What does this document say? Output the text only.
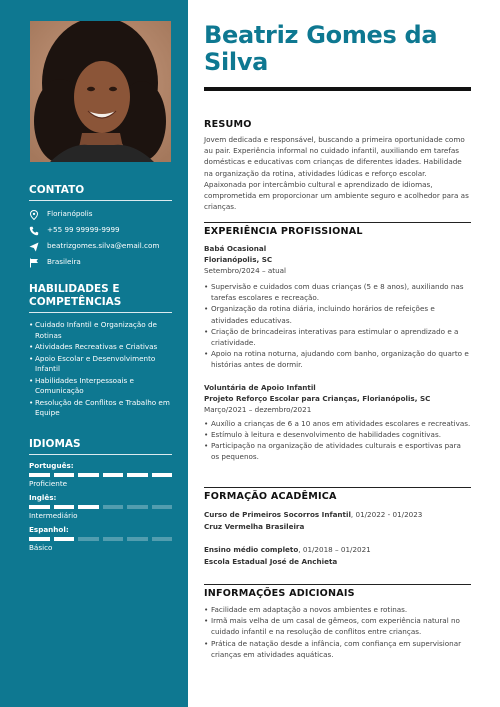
CONTATO
Florianópolis
+55 99 99999-9999
beatrizgomes.silva@email.com
Brasileira
HABILIDADES E COMPETÊNCIAS
• Cuidado Infantil e Organização de Rotinas
• Atividades Recreativas e Criativas
• Apoio Escolar e Desenvolvimento Infantil
• Habilidades Interpessoais e Comunicação
• Resolução de Conflitos e Trabalho em Equipe
IDIOMAS
Português:
Proficiente
Inglês:
Intermediário
Espanhol:
Básico
Beatriz Gomes da Silva
RESUMO
Jovem dedicada e responsável, buscando a primeira oportunidade como au pair. Experiência informal no cuidado infantil, auxiliando em tarefas domésticas e educativas com crianças de diferentes idades. Habilidade na organização da rotina, atividades lúdicas e reforço escolar. Apaixonada por intercâmbio cultural e aprendizado de idiomas, comprometida em proporcionar um ambiente seguro e acolhedor para as crianças.
EXPERIÊNCIA PROFISSIONAL
Babá Ocasional
Florianópolis, SC
Setembro/2024 – atual
• Supervisão e cuidados com duas crianças (5 e 8 anos), auxiliando nas tarefas escolares e recreação.
• Organização da rotina diária, incluindo horários de refeições e atividades educativas.
• Criação de brincadeiras interativas para estimular o aprendizado e a criatividade.
• Apoio na rotina noturna, ajudando com banho, organização do quarto e histórias antes de dormir.
Voluntária de Apoio Infantil
Projeto Reforço Escolar para Crianças, Florianópolis, SC
Março/2021 – dezembro/2021
• Auxílio a crianças de 6 a 10 anos em atividades escolares e recreativas.
• Estímulo à leitura e desenvolvimento de habilidades cognitivas.
• Participação na organização de atividades culturais e esportivas para os pequenos.
FORMAÇÃO ACADÊMICA
Curso de Primeiros Socorros Infantil, 01/2022 - 01/2023
Cruz Vermelha Brasileira
Ensino médio completo, 01/2018 – 01/2021
Escola Estadual José de Anchieta
INFORMAÇÕES ADICIONAIS
• Facilidade em adaptação a novos ambientes e rotinas.
• Irmã mais velha de um casal de gêmeos, com experiência natural no cuidado infantil e na resolução de conflitos entre crianças.
• Prática de natação desde a infância, com confiança em supervisionar crianças em atividades aquáticas.
